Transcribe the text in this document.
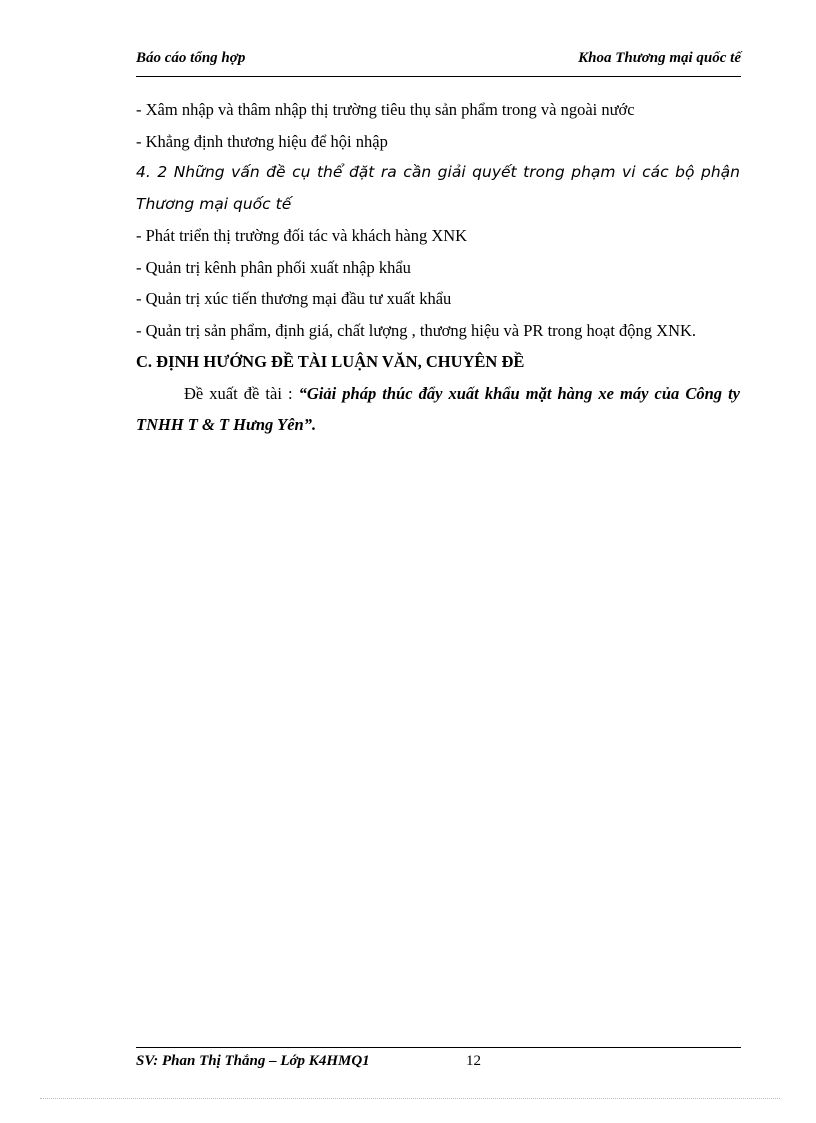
Báo cáo tổng hợp	Khoa Thương mại quốc tế

- Xâm nhập và thâm nhập thị trường tiêu thụ sản phẩm trong và ngoài nước

- Khẳng định thương hiệu để hội nhập

4. 2 Những vấn đề cụ thể đặt ra cần giải quyết trong phạm vi các bộ phận Thương mại quốc tế

- Phát triển thị trường đối tác và khách hàng XNK

- Quản trị kênh phân phối xuất nhập khẩu

- Quản trị xúc tiến thương mại đầu tư xuất khẩu

- Quản trị sản phẩm, định giá, chất lượng , thương hiệu và PR trong hoạt động XNK.

C. ĐỊNH HƯỚNG ĐỀ TÀI LUẬN VĂN, CHUYÊN ĐỀ

Đề xuất đề tài : “Giải pháp thúc đẩy xuất khẩu mặt hàng xe máy của Công ty TNHH T & T Hưng Yên”.

SV: Phan Thị Thắng – Lớp K4HMQ1	12
